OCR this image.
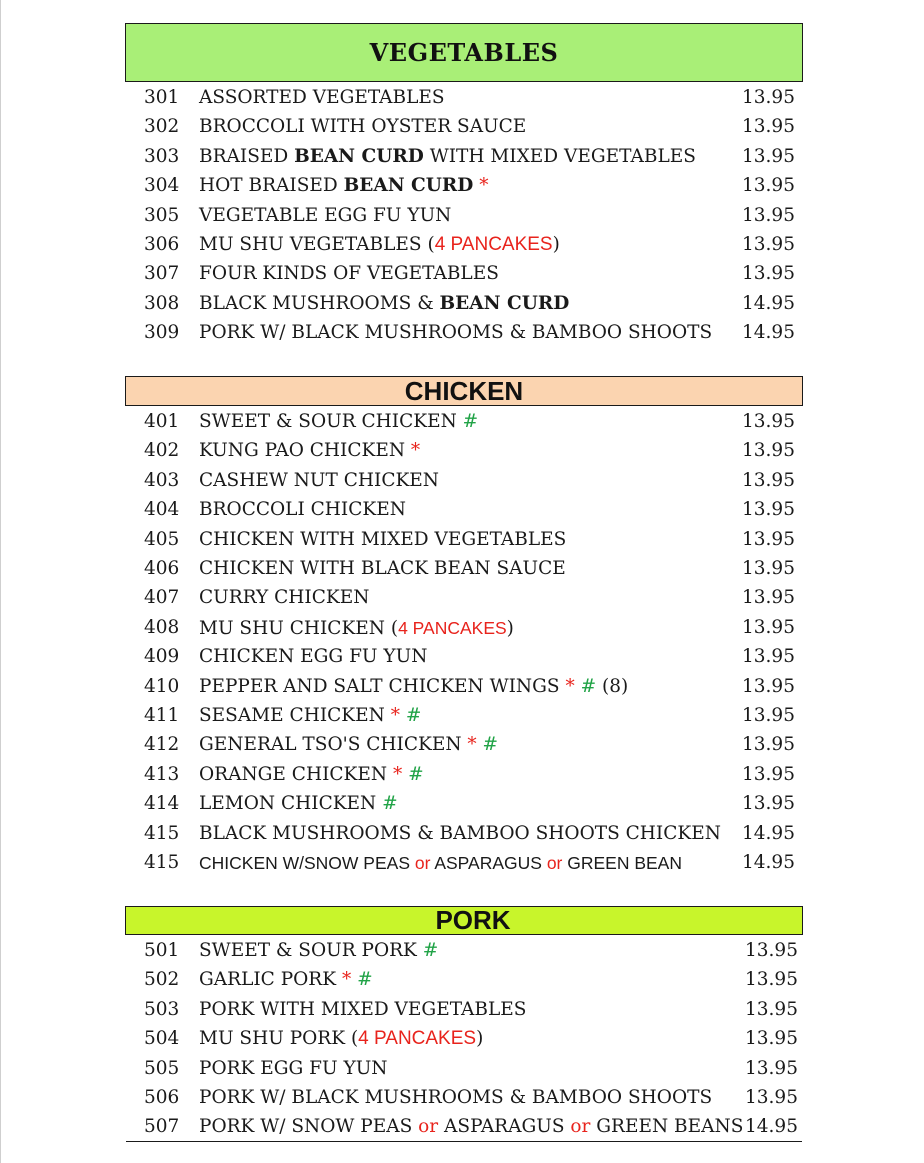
VEGETABLES
301 ASSORTED VEGETABLES	13.95
302 BROCCOLI WITH OYSTER SAUCE	13.95
303 BRAISED BEAN CURD WITH MIXED VEGETABLES 13.95
304 HOT BRAISED BEAN CURD *	13.95
305 VEGETABLE EGG FU YUN	13.95
306 MU SHU VEGETABLES (4 PANCAKES)	13.95
307 FOUR KINDS OF VEGETABLES	13.95
308 BLACK MUSHROOMS & BEAN CURD	14.95
309 PORK W/ BLACK MUSHROOMS & BAMBOO SHOOTS 14.95
CHICKEN
401 SWEET & SOUR CHICKEN #	13.95
402 KUNG PAO CHICKEN *	13.95
403 CASHEW NUT CHICKEN	13.95
404 BROCCOLI CHICKEN	13.95
405 CHICKEN WITH MIXED VEGETABLES	13.95
406 CHICKEN WITH BLACK BEAN SAUCE	13.95
407 CURRY CHICKEN	13.95
408 MU SHU CHICKEN (4 PANCAKES)	13.95
409 CHICKEN EGG FU YUN	13.95
410 PEPPER AND SALT CHICKEN WINGS * # (8)	13.95
411 SESAME CHICKEN * #	13.95
412 GENERAL TSO'S CHICKEN * #	13.95
413 ORANGE CHICKEN * #	13.95
414 LEMON CHICKEN #	13.95
415 BLACK MUSHROOMS & BAMBOO SHOOTS CHICKEN 14.95
415 CHICKEN W/SNOW PEAS or ASPARAGUS or GREEN BEAN	14.95
PORK
501 SWEET & SOUR PORK #	13.95
502 GARLIC PORK * #	13.95
503 PORK WITH MIXED VEGETABLES	13.95
504 MU SHU PORK (4 PANCAKES)	13.95
505 PORK EGG FU YUN	13.95
506 PORK W/ BLACK MUSHROOMS & BAMBOO SHOOTS 13.95
507 PORK W/ SNOW PEAS or ASPARAGUS or GREEN BEANS 14.95
